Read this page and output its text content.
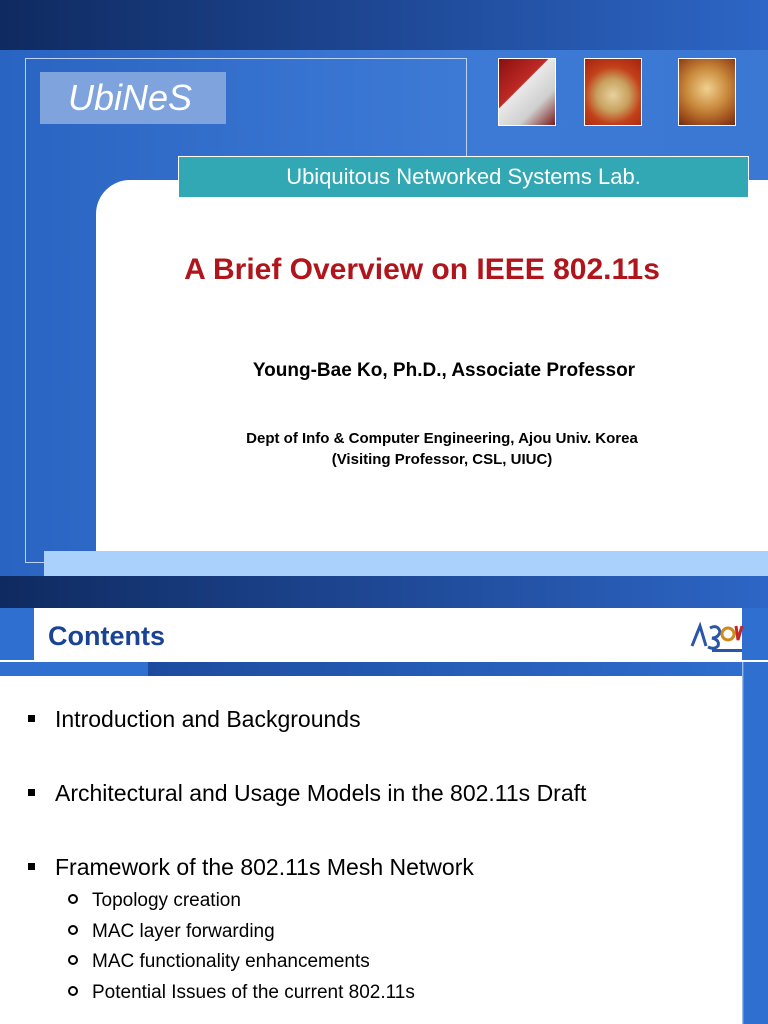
UbiNeS
Ubiquitous Networked Systems Lab.
A Brief Overview on IEEE 802.11s
Young-Bae Ko, Ph.D., Associate Professor
Dept of Info & Computer Engineering, Ajou Univ. Korea
(Visiting Professor, CSL, UIUC)
Contents
Introduction and Backgrounds
Architectural and Usage Models in the 802.11s Draft
Framework of the 802.11s Mesh Network
Topology creation
MAC layer forwarding
MAC functionality enhancements
Potential Issues of the current 802.11s
